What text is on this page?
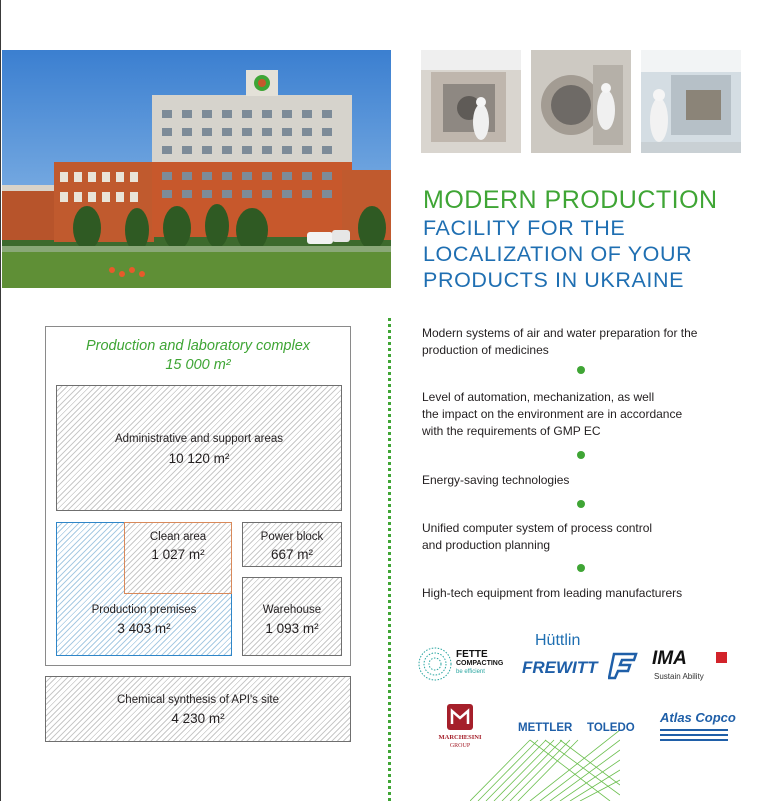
MODERN PRODUCTION
FACILITY FOR THE
LOCALIZATION OF YOUR
PRODUCTS IN UKRAINE
Production and laboratory complex
15 000 m²
Administrative and support areas
10 120 m²
Clean area
1 027 m²
Production premises
3 403 m²
Power block
667 m²
Warehouse
1 093 m²
Chemical synthesis of API's site
4 230 m²
Modern systems of air and water preparation for the
production of medicines
Level of automation, mechanization, as well
the impact on the environment are in accordance
with the requirements of GMP EC
Energy-saving technologies
Unified computer system of process control
and production planning
High-tech equipment from leading manufacturers
FETTE
COMPACTING
be efficient
Hüttlin
FREWITT	IMA
Sustain Ability
MARCHESINI
GROUP
METTLER TOLEDO
Atlas Copco
